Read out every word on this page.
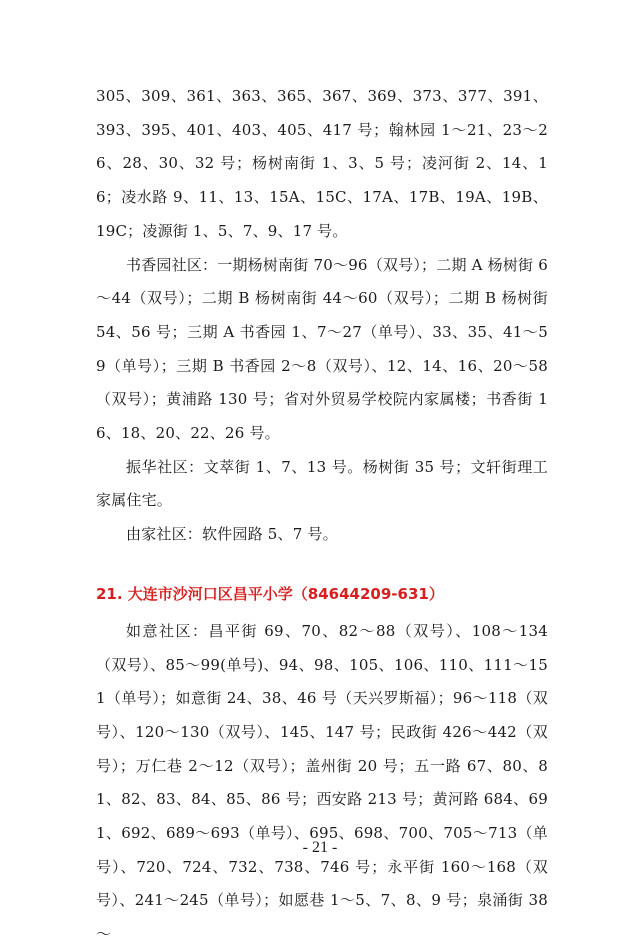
305、309、361、363、365、367、369、373、377、391、393、395、401、403、405、417 号；翰林园 1～21、23～26、28、30、32 号；杨树南街 1、3、5 号；凌河街 2、14、16；凌水路 9、11、13、15A、15C、17A、17B、19A、19B、19C；凌源街 1、5、7、9、17 号。

书香园社区：一期杨树南街 70～96（双号）；二期 A 杨树街 6～44（双号）；二期 B 杨树南街 44～60（双号）；二期 B 杨树街 54、56 号；三期 A 书香园 1、7～27（单号）、33、35、41～59（单号）；三期 B 书香园 2～8（双号）、12、14、16、20～58（双号）；黄浦路 130 号；省对外贸易学校院内家属楼；书香街 16、18、20、22、26 号。

振华社区：文萃街 1、7、13 号。杨树街 35 号；文轩街理工家属住宅。

由家社区：软件园路 5、7 号。

21. 大连市沙河口区昌平小学（84644209-631）

如意社区：昌平街 69、70、82～88（双号）、108～134（双号）、85～99(单号)、94、98、105、106、110、111～151（单号）；如意街 24、38、46 号（天兴罗斯福）；96～118（双号）、120～130（双号）、145、147 号；民政街 426～442（双号）；万仁巷 2～12（双号）；盖州街 20 号；五一路 67、80、81、82、83、84、85、86 号；西安路 213 号；黄河路 684、691、692、689～693（单号）、695、698、700、705～713（单号）、720、724、732、738、746 号；永平街 160～168（双号）、241～245（单号）；如愿巷 1～5、7、8、9 号；泉涌街 38～

- 21 -
